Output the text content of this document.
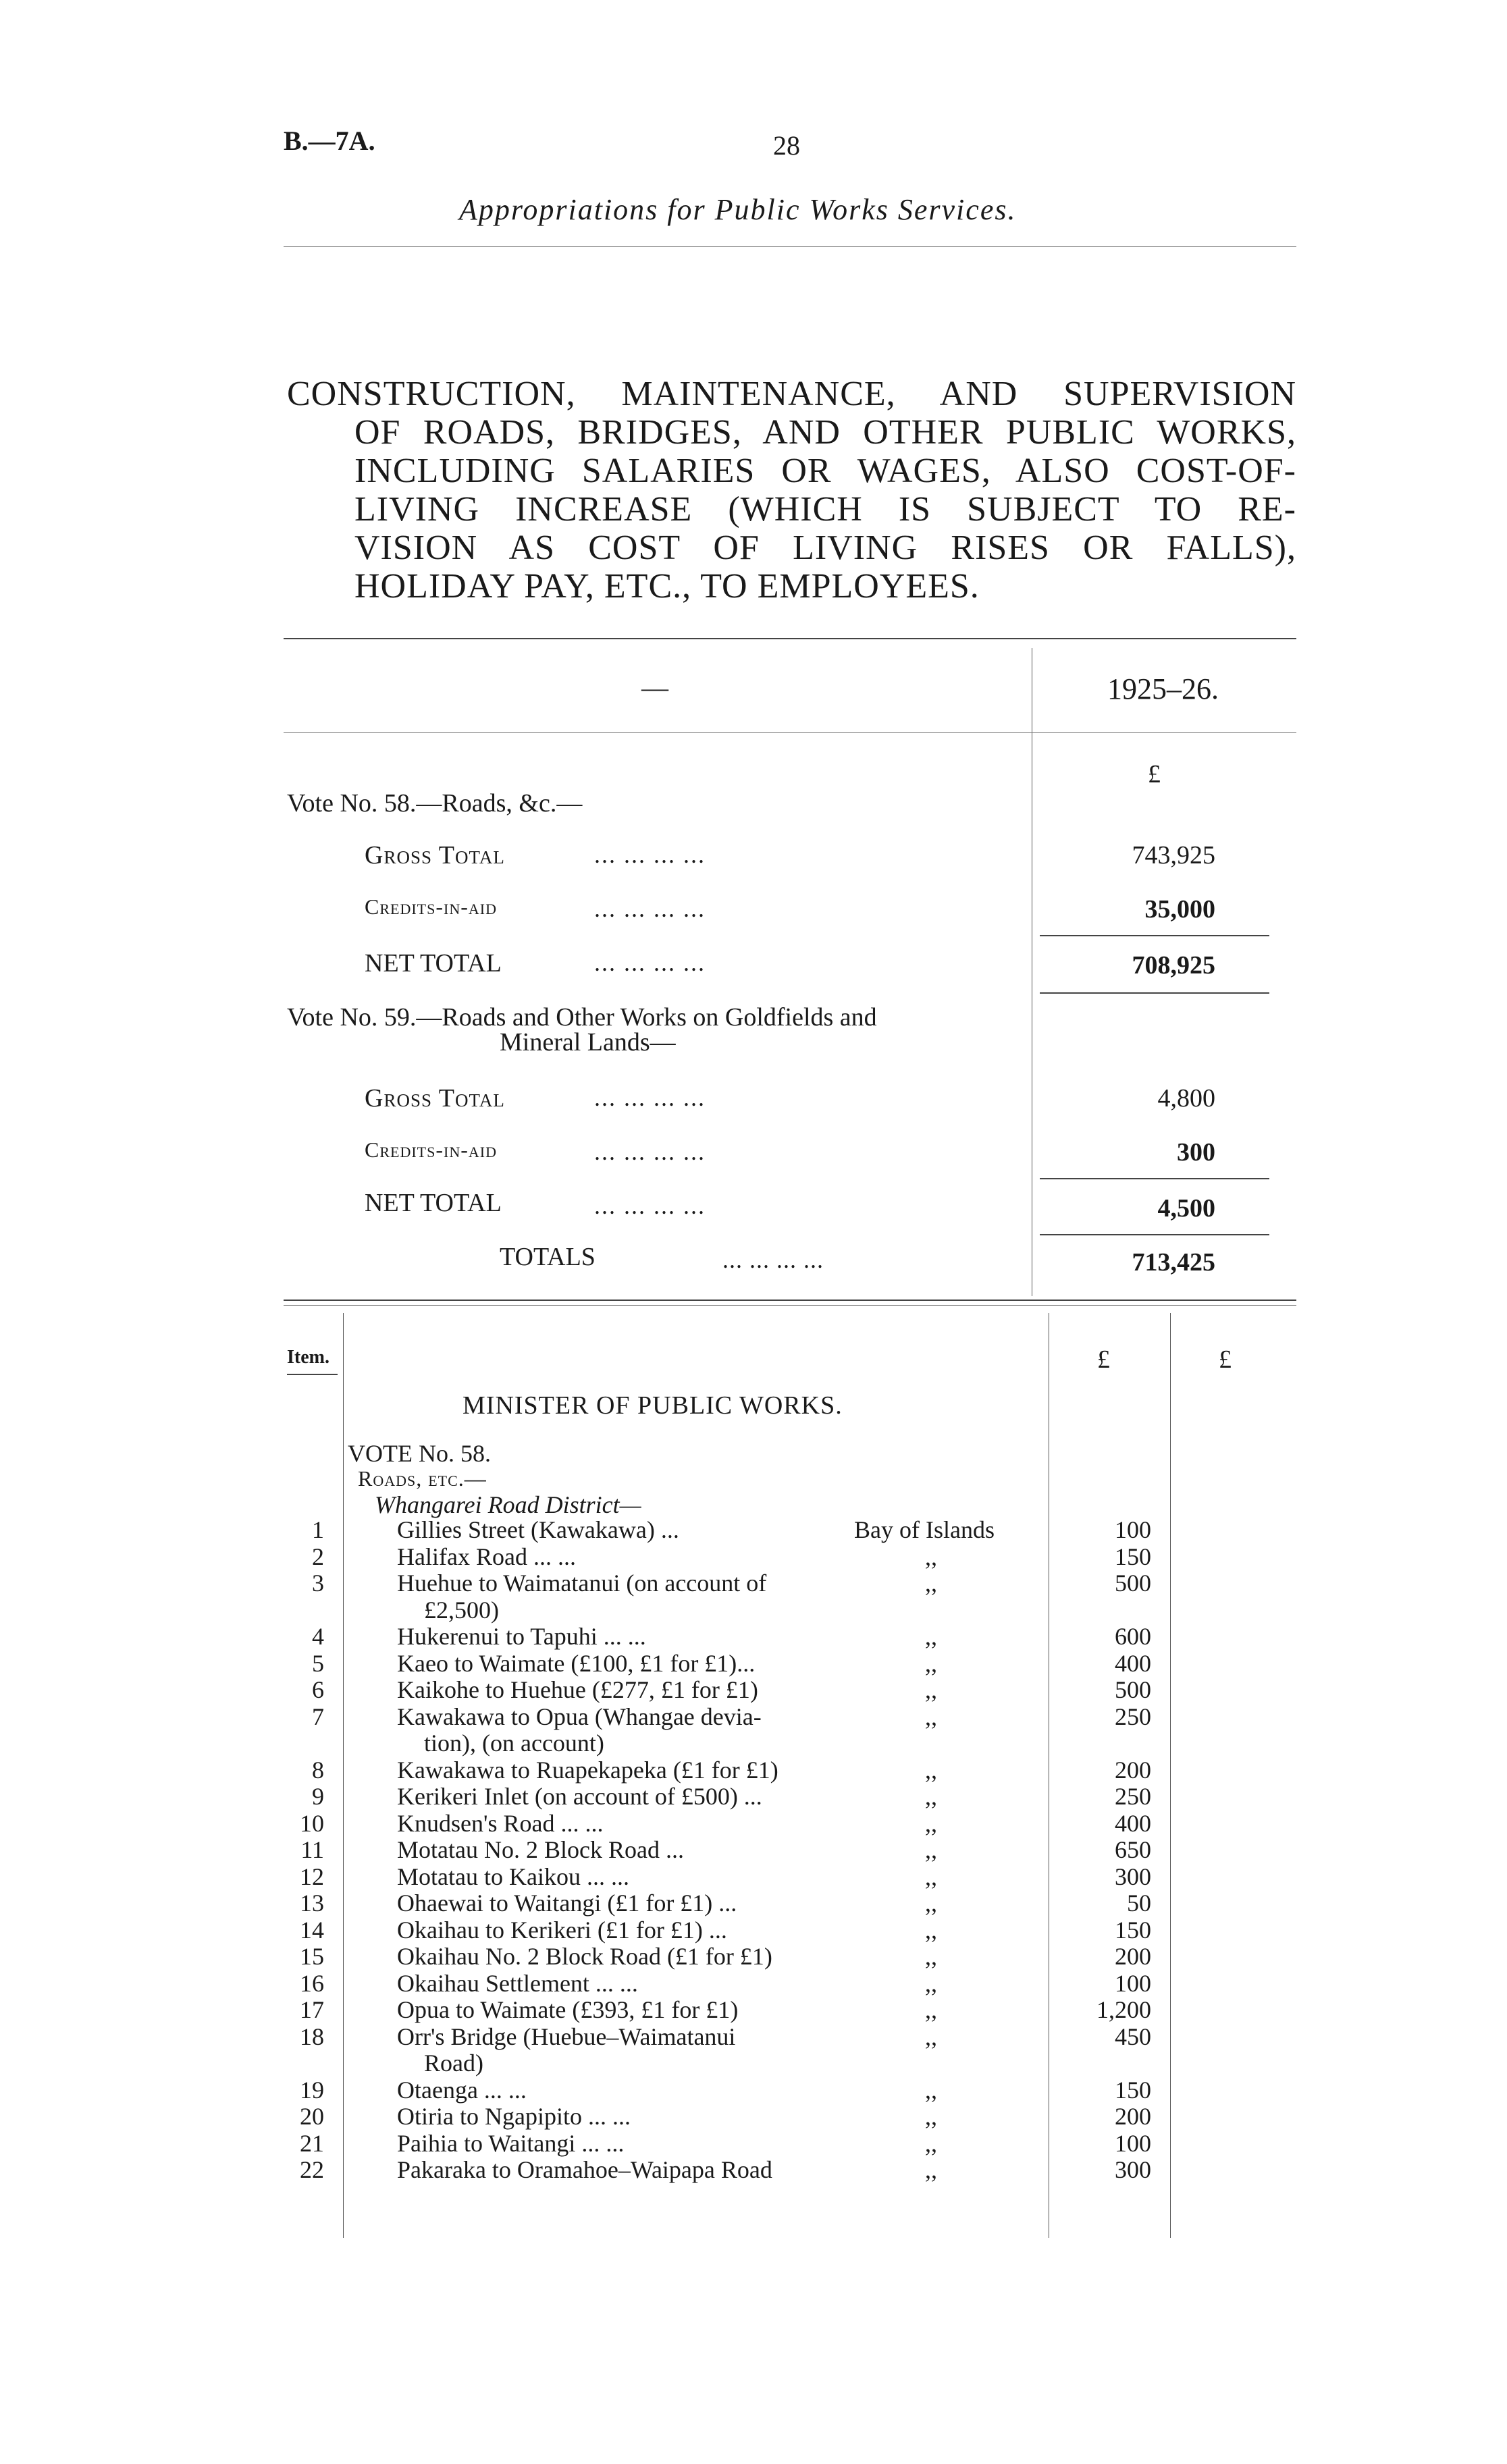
B.—7A.	28
Appropriations for Public Works Services.
CONSTRUCTION, MAINTENANCE, AND SUPERVISION
OF ROADS, BRIDGES, AND OTHER PUBLIC WORKS,
INCLUDING SALARIES OR WAGES, ALSO COST-OF-
LIVING INCREASE (WHICH IS SUBJECT TO RE-
VISION AS COST OF LIVING RISES OR FALLS),
HOLIDAY PAY, ETC., TO EMPLOYEES.
—	1925–26.
£
Vote No. 58.—Roads, &c.—
Gross Total	... ... ... ...	743,925
Credits-in-aid	... ... ... ...	35,000
NET TOTAL	... ... ... ...	708,925
Vote No. 59.—Roads and Other Works on Goldfields and
Mineral Lands—
Gross Total	... ... ... ...	4,800
Credits-in-aid	... ... ... ...	300
NET TOTAL	... ... ... ...	4,500
TOTALS	... ... ... ...	713,425
Item.	£	£
MINISTER OF PUBLIC WORKS.
VOTE No. 58.
Roads, etc.—
Whangarei Road District—
1	Gillies Street (Kawakawa) ...	Bay of Islands	100
2	Halifax Road ... ...	,,	150
3	Huehue to Waimatanui (on account of
£2,500)
,,	500
4	Hukerenui to Tapuhi ... ...	,,	600
5	Kaeo to Waimate (£100, £1 for £1)...	,,	400
6	Kaikohe to Huehue (£277, £1 for £1)	,,	500
7	Kawakawa to Opua (Whangae devia-
tion), (on account)
,,	250
8	Kawakawa to Ruapekapeka (£1 for £1)	,,	200
9	Kerikeri Inlet (on account of £500) ...	,,	250
10	Knudsen's Road ... ...	,,	400
11	Motatau No. 2 Block Road ...	,,	650
12	Motatau to Kaikou ... ...	,,	300
13	Ohaewai to Waitangi (£1 for £1) ...	,,	50
14	Okaihau to Kerikeri (£1 for £1) ...	,,	150
15	Okaihau No. 2 Block Road (£1 for £1)	,,	200
16	Okaihau Settlement ... ...	,,	100
17	Opua to Waimate (£393, £1 for £1)	,,	1,200
18	Orr's Bridge (Huebue–Waimatanui
Road)
,,	450
19	Otaenga ... ...	,,	150
20	Otiria to Ngapipito ... ...	,,	200
21	Paihia to Waitangi ... ...	,,	100
22	Pakaraka to Oramahoe–Waipapa Road	,,	300
